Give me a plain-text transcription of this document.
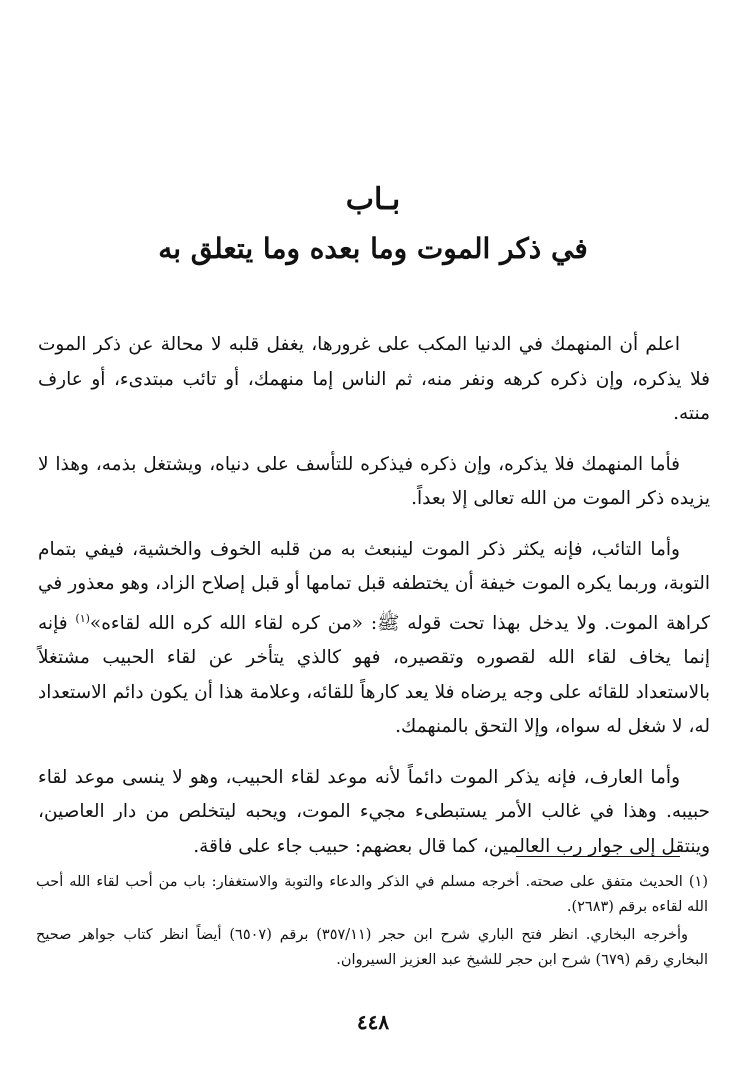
بـاب
في ذكر الموت وما بعده وما يتعلق به

اعلم أن المنهمك في الدنيا المكب على غرورها، يغفل قلبه لا محالة عن ذكر الموت فلا يذكره، وإن ذكره كرهه ونفر منه، ثم الناس إما منهمك، أو تائب مبتدىء، أو عارف منته.

فأما المنهمك فلا يذكره، وإن ذكره فيذكره للتأسف على دنياه، ويشتغل بذمه، وهذا لا يزيده ذكر الموت من الله تعالى إلا بعداً.

وأما التائب، فإنه يكثر ذكر الموت لينبعث به من قلبه الخوف والخشية، فيفي بتمام التوبة، وربما يكره الموت خيفة أن يختطفه قبل تمامها أو قبل إصلاح الزاد، وهو معذور في كراهة الموت. ولا يدخل بهذا تحت قوله ﷺ: «من كره لقاء الله كره الله لقاءه»$^{(١)}$ فإنه إنما يخاف لقاء الله لقصوره وتقصيره، فهو كالذي يتأخر عن لقاء الحبيب مشتغلاً بالاستعداد للقائه على وجه يرضاه فلا يعد كارهاً للقائه، وعلامة هذا أن يكون دائم الاستعداد له، لا شغل له سواه، وإلا التحق بالمنهمك.

وأما العارف، فإنه يذكر الموت دائماً لأنه موعد لقاء الحبيب، وهو لا ينسى موعد لقاء حبيبه. وهذا في غالب الأمر يستبطىء مجيء الموت، ويحبه ليتخلص من دار العاصين، وينتقل إلى جوار رب العالمين، كما قال بعضهم: حبيب جاء على فاقة.

(١) الحديث متفق على صحته. أخرجه مسلم في الذكر والدعاء والتوبة والاستغفار: باب من أحب لقاء الله أحب الله لقاءه برقم (٢٦٨٣).

وأخرجه البخاري. انظر فتح الباري شرح ابن حجر (٣٥٧/١١) برقم (٦٥٠٧) أيضاً انظر كتاب جواهر صحيح البخاري رقم (٦٧٩) شرح ابن حجر للشيخ عبد العزيز السيروان.

٤٤٨
